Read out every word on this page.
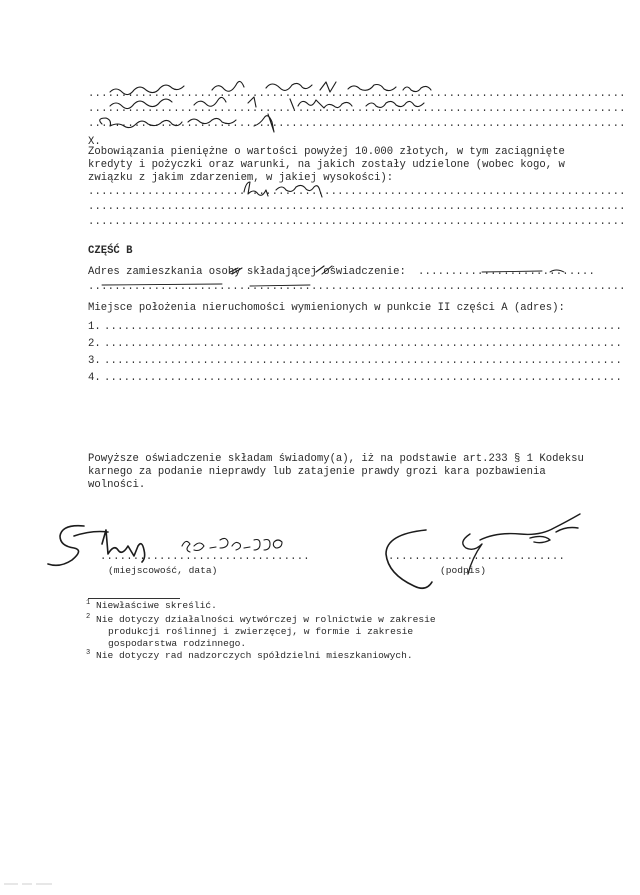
..................................................................................
..................................................................................
..................................................................................
X.
Zobowiązania pieniężne o wartości powyżej 10.000 złotych, w tym zaciągnięte
kredyty i pożyczki oraz warunki, na jakich zostały udzielone (wobec kogo, w
związku z jakim zdarzeniem, w jakiej wysokości):
..................................................................................
..................................................................................
..................................................................................
CZĘŚĆ B
Adres zamieszkania osoby składającej oświadczenie: ...........................
..................................................................................
Miejsce położenia nieruchomości wymienionych w punkcie II części A (adres):
1. ...............................................................................
2. ...............................................................................
3. ...............................................................................
4. ...............................................................................
Powyższe oświadczenie składam świadomy(a), iż na podstawie art.233 § 1 Kodeksu
karnego za podanie nieprawdy lub zatajenie prawdy grozi kara pozbawienia
wolności.
................................
(miejscowość, data)
...........................
(podpis)
$^1$ Niewłaściwe skreślić.
$^2$ Nie dotyczy działalności wytwórczej w rolnictwie w zakresie
produkcji roślinnej i zwierzęcej, w formie i zakresie
gospodarstwa rodzinnego.
$^3$ Nie dotyczy rad nadzorczych spółdzielni mieszkaniowych.
